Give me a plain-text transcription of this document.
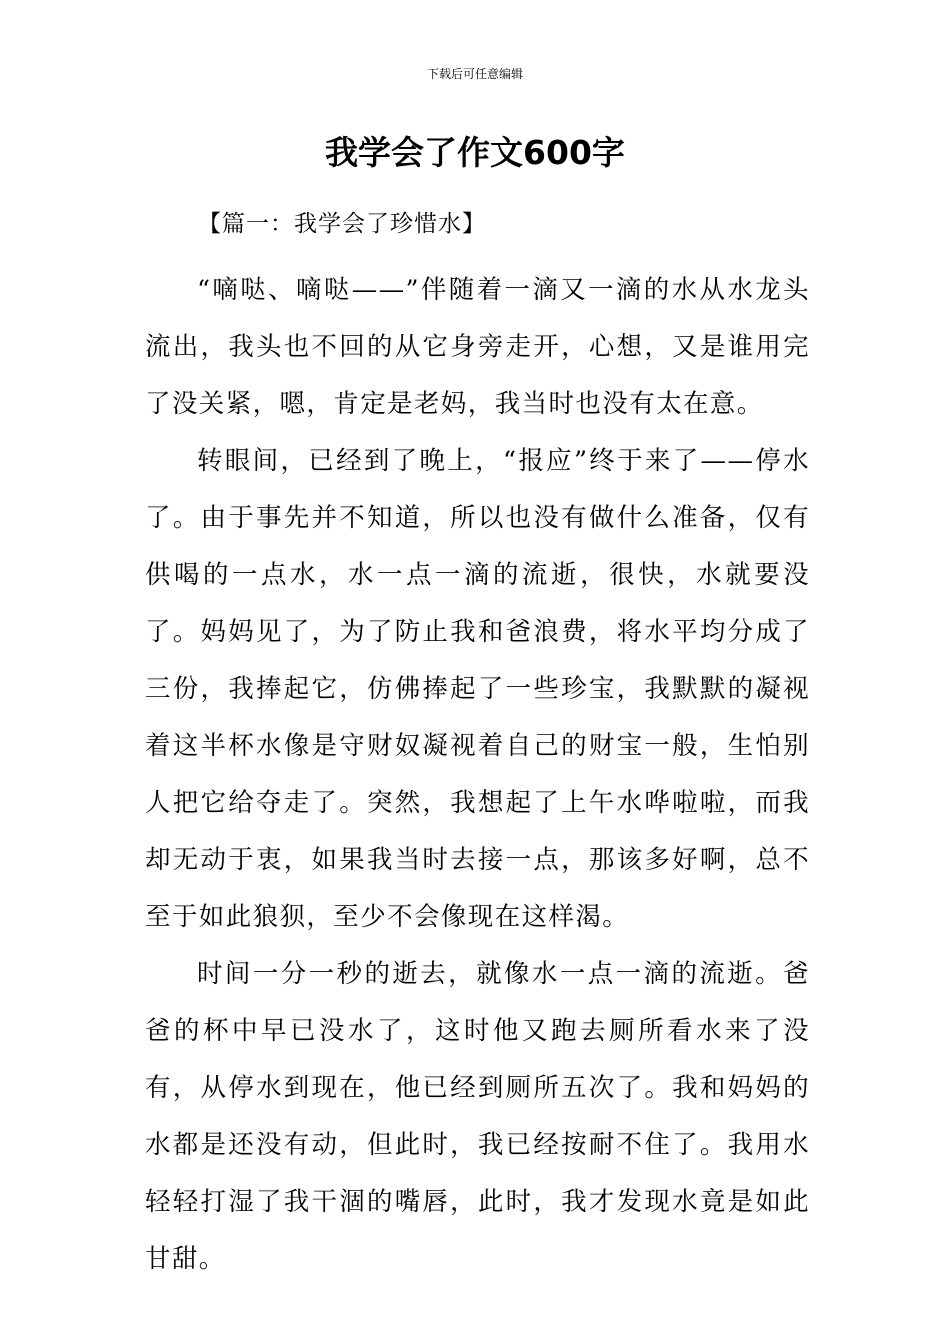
下载后可任意编辑
我学会了作文600字
【篇一：我学会了珍惜水】

“嘀哒、嘀哒——”伴随着一滴又一滴的水从水龙头流出，我头也不回的从它身旁走开，心想，又是谁用完了没关紧，嗯，肯定是老妈，我当时也没有太在意。

转眼间，已经到了晚上，“报应”终于来了——停水了。由于事先并不知道，所以也没有做什么准备，仅有供喝的一点水，水一点一滴的流逝，很快，水就要没了。妈妈见了，为了防止我和爸浪费，将水平均分成了三份，我捧起它，仿佛捧起了一些珍宝，我默默的凝视着这半杯水像是守财奴凝视着自己的财宝一般，生怕别人把它给夺走了。突然，我想起了上午水哗啦啦，而我却无动于衷，如果我当时去接一点，那该多好啊，总不至于如此狼狈，至少不会像现在这样渴。

时间一分一秒的逝去，就像水一点一滴的流逝。爸爸的杯中早已没水了，这时他又跑去厕所看水来了没有，从停水到现在，他已经到厕所五次了。我和妈妈的水都是还没有动，但此时，我已经按耐不住了。我用水轻轻打湿了我干涸的嘴唇，此时，我才发现水竟是如此甘甜。
